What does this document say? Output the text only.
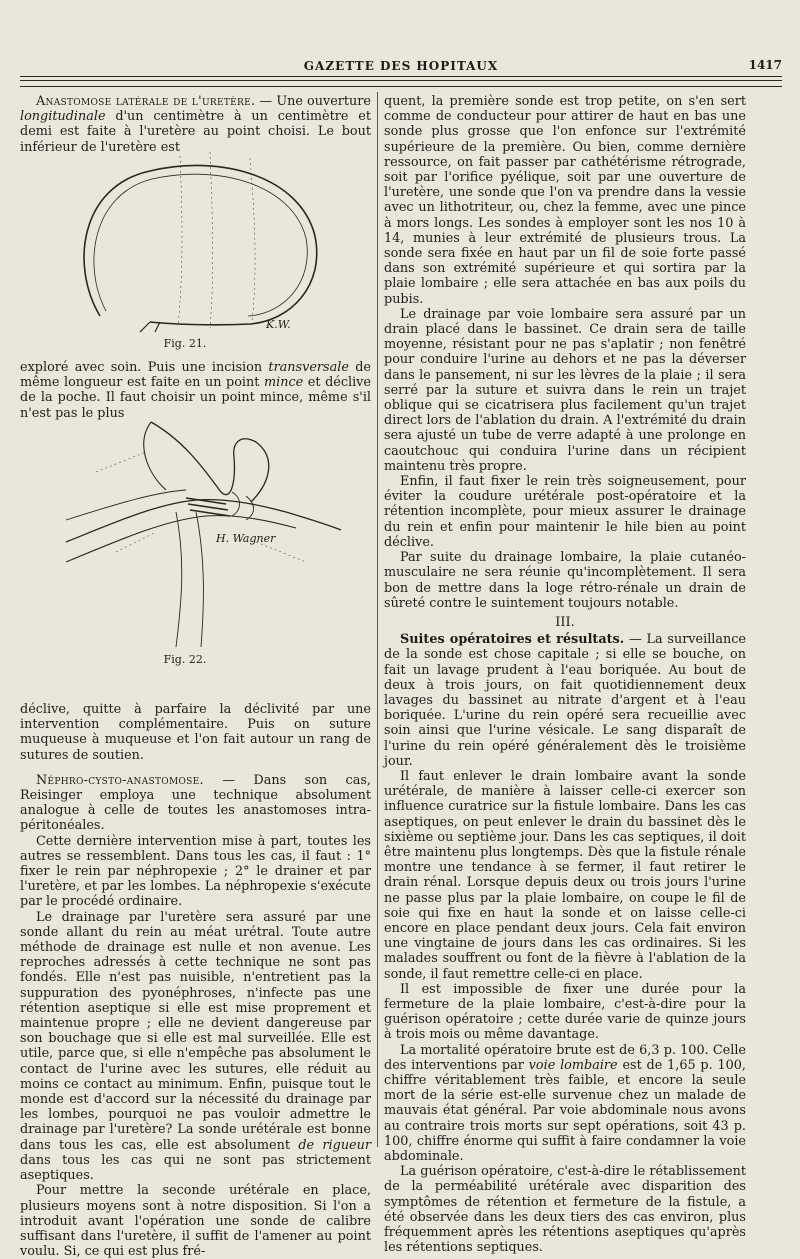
GAZETTE DES HOPITAUX	1417

Anastomose latérale de l'uretère. — Une ouverture longitudinale d'un centimètre à un centimètre et demi est faite à l'uretère au point choisi. Le bout inférieur de l'uretère est

K.W.
Fig. 21.

exploré avec soin. Puis une incision transversale de même longueur est faite en un point mince et déclive de la poche. Il faut choisir un point mince, même s'il n'est pas le plus

H. Wagner
Fig. 22.

déclive, quitte à parfaire la déclivité par une intervention complémentaire. Puis on suture muqueuse à muqueuse et l'on fait autour un rang de sutures de soutien.

Néphro-cysto-anastomose. — Dans son cas, Reisinger employa une technique absolument analogue à celle de toutes les anastomoses intra-péritonéales.

Cette dernière intervention mise à part, toutes les autres se ressemblent. Dans tous les cas, il faut : 1° fixer le rein par néphropexie ; 2° le drainer et par l'uretère, et par les lombes. La néphropexie s'exécute par le procédé ordinaire.

Le drainage par l'uretère sera assuré par une sonde allant du rein au méat urétral. Toute autre méthode de drainage est nulle et non avenue. Les reproches adressés à cette technique ne sont pas fondés. Elle n'est pas nuisible, n'entretient pas la suppuration des pyonéphroses, n'infecte pas une rétention aseptique si elle est mise proprement et maintenue propre ; elle ne devient dangereuse par son bouchage que si elle est mal surveillée. Elle est utile, parce que, si elle n'empêche pas absolument le contact de l'urine avec les sutures, elle réduit au moins ce contact au minimum. Enfin, puisque tout le monde est d'accord sur la nécessité du drainage par les lombes, pourquoi ne pas vouloir admettre le drainage par l'uretère? La sonde urétérale est bonne dans tous les cas, elle est absolument de rigueur dans tous les cas qui ne sont pas strictement aseptiques.

Pour mettre la seconde urétérale en place, plusieurs moyens sont à notre disposition. Si l'on a introduit avant l'opération une sonde de calibre suffisant dans l'uretère, il suffit de l'amener au point voulu. Si, ce qui est plus fré-

quent, la première sonde est trop petite, on s'en sert comme de conducteur pour attirer de haut en bas une sonde plus grosse que l'on enfonce sur l'extrémité supérieure de la première. Ou bien, comme dernière ressource, on fait passer par cathétérisme rétrograde, soit par l'orifice pyélique, soit par une ouverture de l'uretère, une sonde que l'on va prendre dans la vessie avec un lithotriteur, ou, chez la femme, avec une pince à mors longs. Les sondes à employer sont les nos 10 à 14, munies à leur extrémité de plusieurs trous. La sonde sera fixée en haut par un fil de soie forte passé dans son extrémité supérieure et qui sortira par la plaie lombaire ; elle sera attachée en bas aux poils du pubis.

Le drainage par voie lombaire sera assuré par un drain placé dans le bassinet. Ce drain sera de taille moyenne, résistant pour ne pas s'aplatir ; non fenêtré pour conduire l'urine au dehors et ne pas la déverser dans le pansement, ni sur les lèvres de la plaie ; il sera serré par la suture et suivra dans le rein un trajet oblique qui se cicatrisera plus facilement qu'un trajet direct lors de l'ablation du drain. A l'extrémité du drain sera ajusté un tube de verre adapté à une prolonge en caoutchouc qui conduira l'urine dans un récipient maintenu très propre.

Enfin, il faut fixer le rein très soigneusement, pour éviter la coudure urétérale post-opératoire et la rétention incomplète, pour mieux assurer le drainage du rein et enfin pour maintenir le hile bien au point déclive.

Par suite du drainage lombaire, la plaie cutanéo-musculaire ne sera réunie qu'incomplètement. Il sera bon de mettre dans la loge rétro-rénale un drain de sûreté contre le suintement toujours notable.

III.

Suites opératoires et résultats. — La surveillance de la sonde est chose capitale ; si elle se bouche, on fait un lavage prudent à l'eau boriquée. Au bout de deux à trois jours, on fait quotidiennement deux lavages du bassinet au nitrate d'argent et à l'eau boriquée. L'urine du rein opéré sera recueillie avec soin ainsi que l'urine vésicale. Le sang disparaît de l'urine du rein opéré généralement dès le troisième jour.

Il faut enlever le drain lombaire avant la sonde urétérale, de manière à laisser celle-ci exercer son influence curatrice sur la fistule lombaire. Dans les cas aseptiques, on peut enlever le drain du bassinet dès le sixième ou septième jour. Dans les cas septiques, il doit être maintenu plus longtemps. Dès que la fistule rénale montre une tendance à se fermer, il faut retirer le drain rénal. Lorsque depuis deux ou trois jours l'urine ne passe plus par la plaie lombaire, on coupe le fil de soie qui fixe en haut la sonde et on laisse celle-ci encore en place pendant deux jours. Cela fait environ une vingtaine de jours dans les cas ordinaires. Si les malades souffrent ou font de la fièvre à l'ablation de la sonde, il faut remettre celle-ci en place.

Il est impossible de fixer une durée pour la fermeture de la plaie lombaire, c'est-à-dire pour la guérison opératoire ; cette durée varie de quinze jours à trois mois ou même davantage.

La mortalité opératoire brute est de 6,3 p. 100. Celle des interventions par voie lombaire est de 1,65 p. 100, chiffre véritablement très faible, et encore la seule mort de la série est-elle survenue chez un malade de mauvais état général. Par voie abdominale nous avons au contraire trois morts sur sept opérations, soit 43 p. 100, chiffre énorme qui suffit à faire condamner la voie abdominale.

La guérison opératoire, c'est-à-dire le rétablissement de la perméabilité urétérale avec disparition des symptômes de rétention et fermeture de la fistule, a été observée dans les deux tiers des cas environ, plus fréquemment après les rétentions aseptiques qu'après les rétentions septiques.
